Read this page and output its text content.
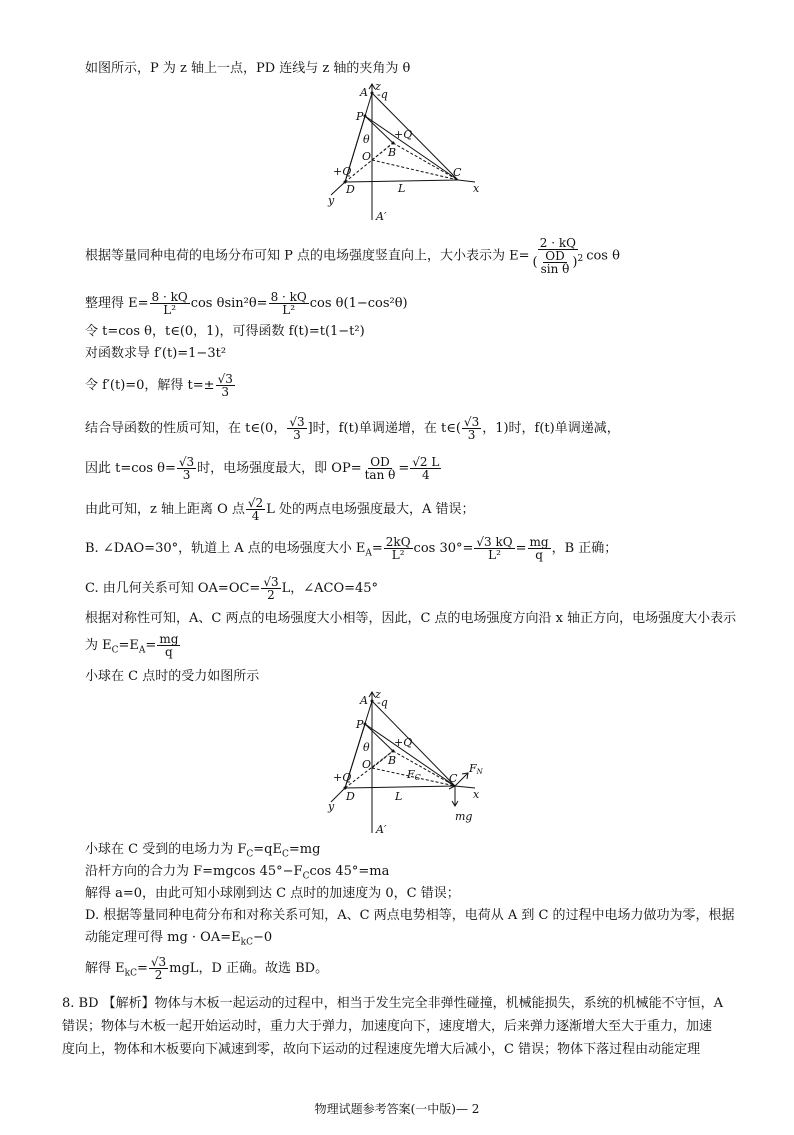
如图所示，P 为 z 轴上一点，PD 连线与 z 轴的夹角为 θ
z
-q
A
P
θ +Q
O B
+Q	C
D	L	x
y
A′
根据等量同种电荷的电场分布可知 P 点的电场强度竖直向上，大小表示为 $E= \frac{2 \cdot kQ}{( \frac{OD}{\text{sin θ}} )^2}$ cos θ
整理得 $E= \frac{8 \cdot kQ}{\text{L²}}$ $\cos \theta\sin^2\theta= \frac{8 \cdot kQ}{\text{L²}}$ cos θ(1−cos²θ)
令 t=cos θ，t∈(0，1)，可得函数 f(t)=t(1−t²)
对函数求导 f′(t)=1−3t²
令 f′(t)=0，解得 $t=\pm \frac{√3}{3}$
结合导函数的性质可知，在 t∈(0， $\frac{√3}{3}$ ]时，f(t)单调递增，在 t∈( $\frac{√3}{3}$ ，1)时，f(t)单调递减，
因此 t=cos $\theta= \frac{√3}{3}$ 时，电场强度最大，即 $OP= \frac{OD}{\text{tan θ}} = \frac{√2 L}{4}$
由此可知，z 轴上距离 O 点 $\frac{√2}{4}$ L 处的两点电场强度最大，A 错误；
B. ∠DAO=30°，轨道上 A 点的电场强度大小 $E_A= \frac{2kQ}{\text{L²}}$ $\cos 30^\circ= \frac{√3 kQ}{\text{L²}} = \frac{mg}{q}$ ，B 正确；
C. 由几何关系可知 $OA=OC= \frac{√3}{2}$ L，∠ACO=45°
根据对称性可知，A、C 两点的电场强度大小相等，因此，C 点的电场强度方向沿 x 轴正方向，电场强度大小表示
为 $E_C=E_A= \frac{mg}{q}$
小球在 C 点时的受力如图所示
z
-q
A
P
θ +Q
O B
FC
+Q	C
FN
D	L	x
y
mg
A′
小球在 C 受到的电场力为 $F_C=qE_C=mg$
沿杆方向的合力为 F=mgcos $45^\circ-F_C\cos$ 45°=ma
解得 a=0，由此可知小球刚到达 C 点时的加速度为 0，C 错误；
D. 根据等量同种电荷分布和对称关系可知，A、C 两点电势相等，电荷从 A 到 C 的过程中电场力做功为零，根据
动能定理可得 mg · $OA=E_{kC}-0$
解得 $E_{kC}= \frac{√3}{2}$ mgL，D 正确。故选 BD。
8. BD 【解析】物体与木板一起运动的过程中，相当于发生完全非弹性碰撞，机械能损失，系统的机械能不守恒，A
错误；物体与木板一起开始运动时，重力大于弹力，加速度向下，速度增大，后来弹力逐渐增大至大于重力，加速
度向上，物体和木板要向下减速到零，故向下运动的过程速度先增大后减小，C 错误；物体下落过程由动能定理
物理试题参考答案(一中版)— 2
